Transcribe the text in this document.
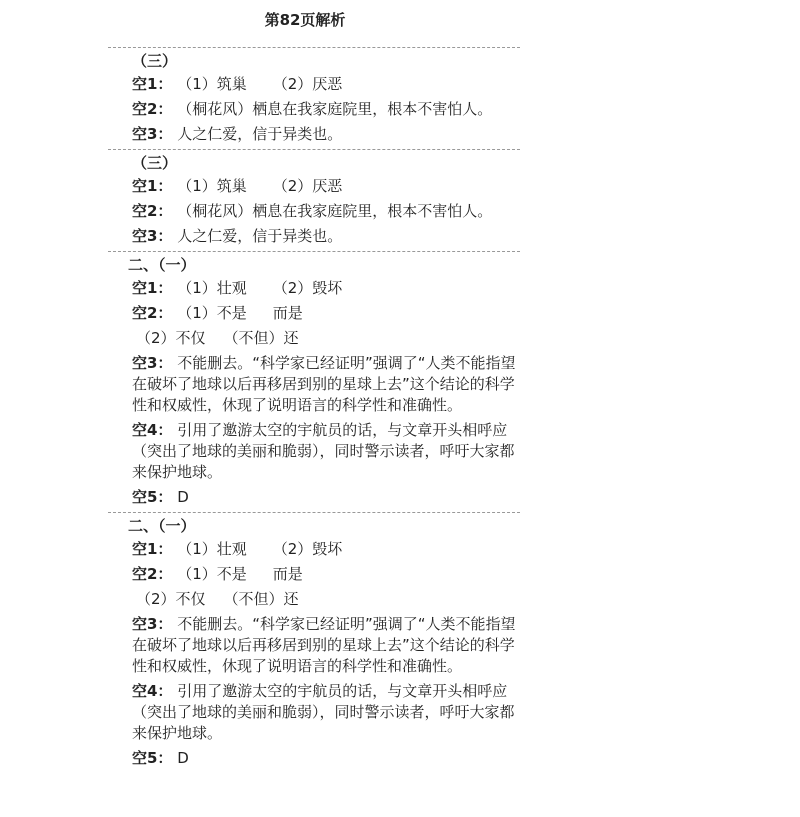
第82页解析
（三）
空1： （1）筑巢 （2）厌恶
空2： （桐花风）栖息在我家庭院里，根本不害怕人。
空3： 人之仁爱，信于异类也。
（三）
空1： （1）筑巢 （2）厌恶
空2： （桐花风）栖息在我家庭院里，根本不害怕人。
空3： 人之仁爱，信于异类也。
二、（一）
空1： （1）壮观 （2）毁坏
空2： （1）不是 而是
（2）不仅 （不但）还
空3： 不能删去。“科学家已经证明”强调了“人类不能指望在破坏了地球以后再移居到别的星球上去”这个结论的科学性和权威性，休现了说明语言的科学性和准确性。
空4： 引用了邀游太空的宇航员的话，与文章开头相呼应（突出了地球的美丽和脆弱），同时警示读者，呼吁大家都来保护地球。
空5： D
二、（一）
空1： （1）壮观 （2）毁坏
空2： （1）不是 而是
（2）不仅 （不但）还
空3： 不能删去。“科学家已经证明”强调了“人类不能指望在破坏了地球以后再移居到别的星球上去”这个结论的科学性和权威性，休现了说明语言的科学性和准确性。
空4： 引用了邀游太空的宇航员的话，与文章开头相呼应（突出了地球的美丽和脆弱），同时警示读者，呼吁大家都来保护地球。
空5： D
